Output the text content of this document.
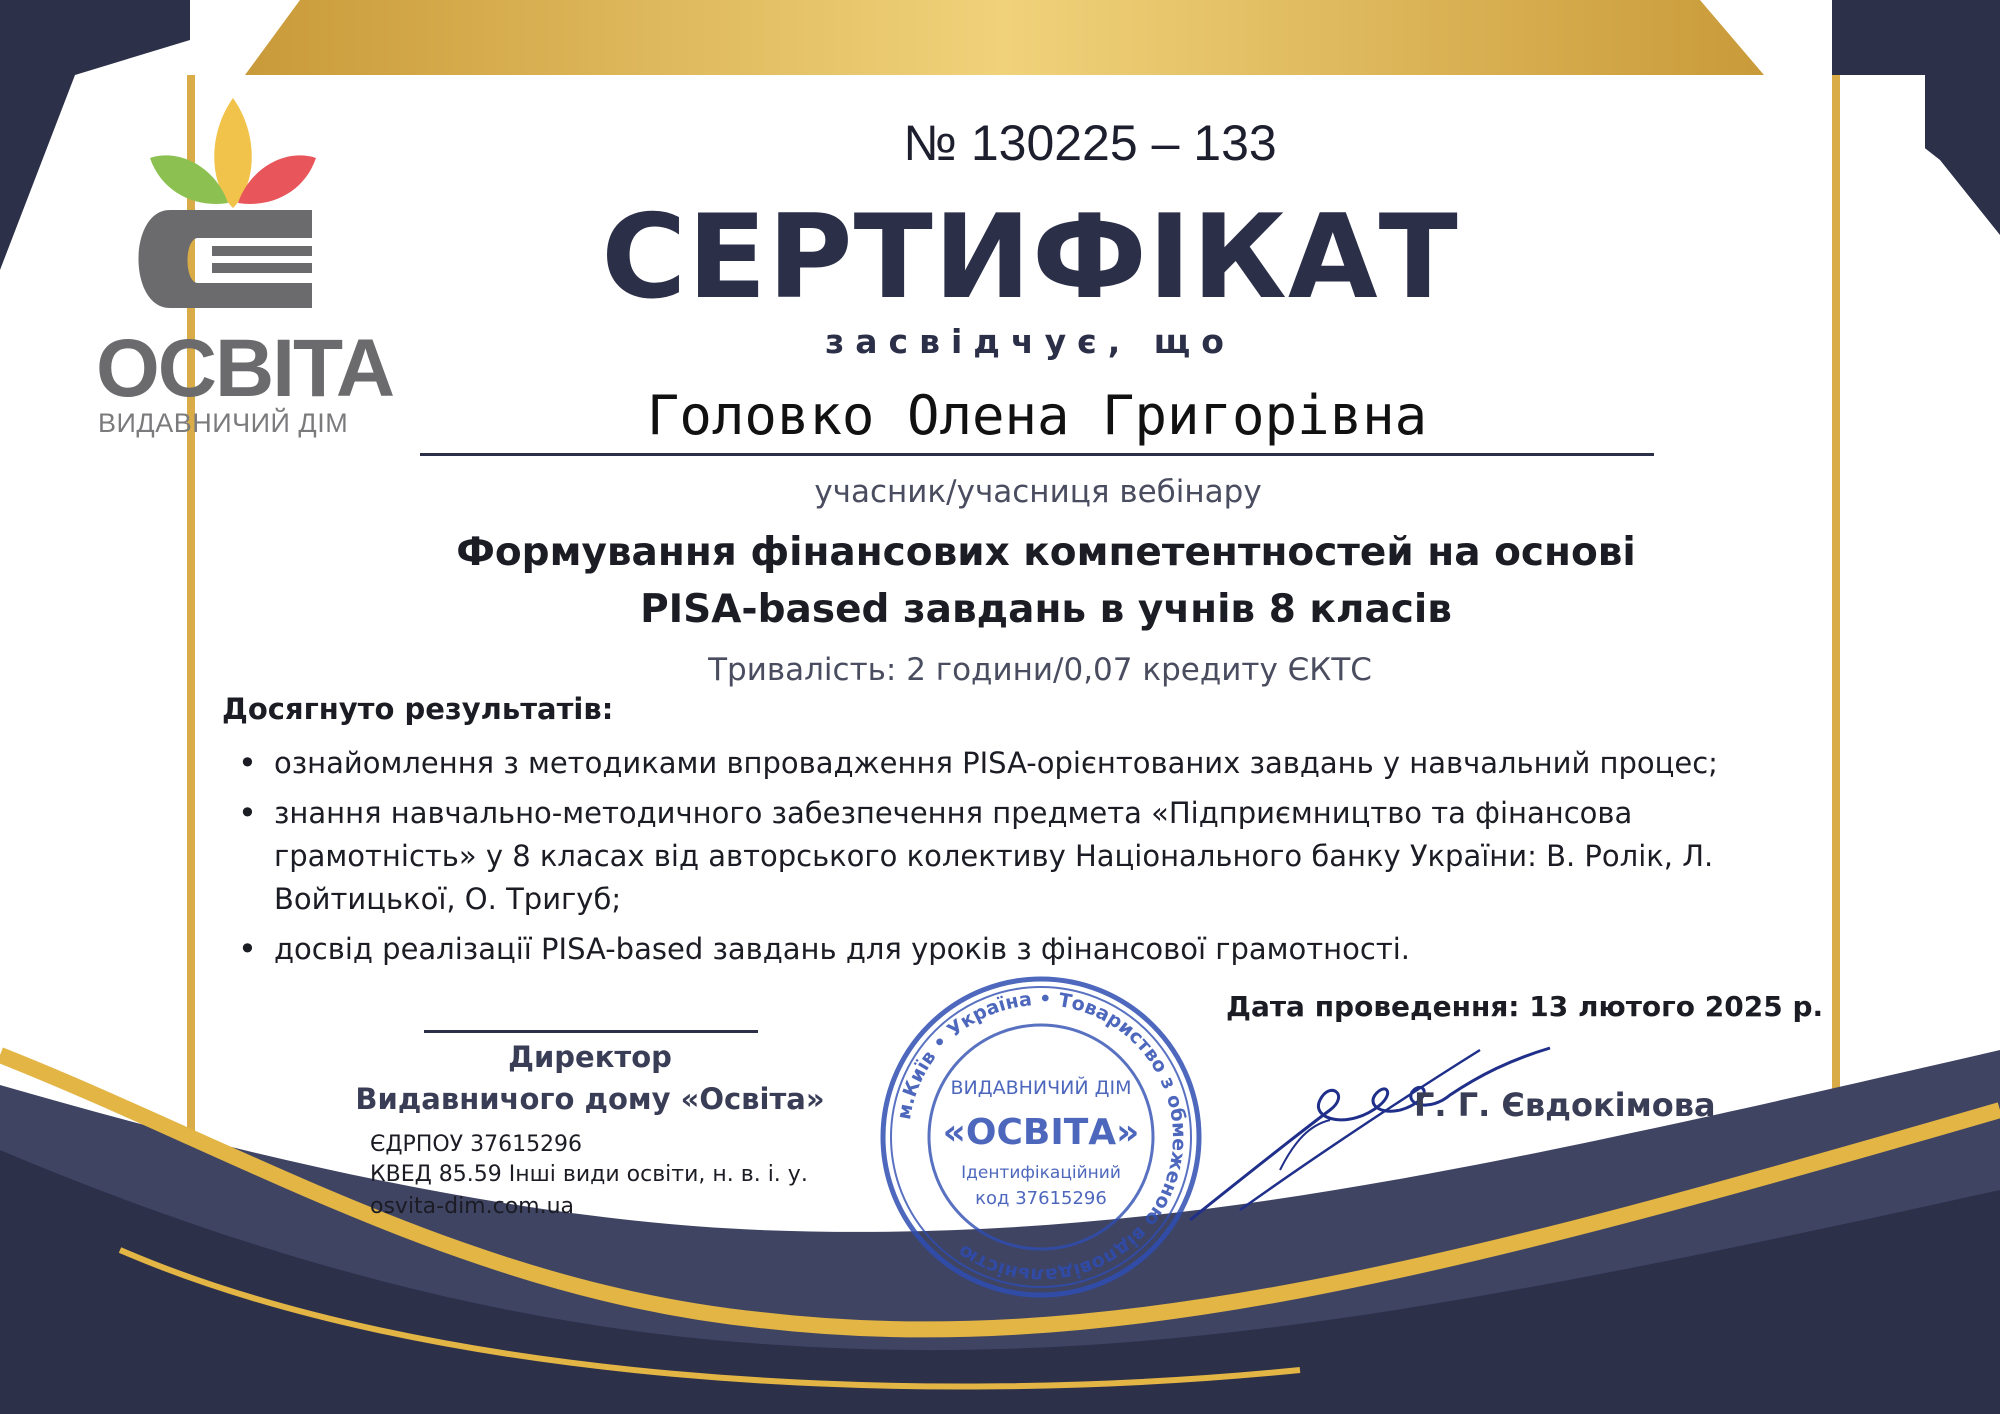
ОСВІТА
ВИДАВНИЧИЙ ДІМ
№ 130225 – 133
СЕРТИФІКАТ
засвідчує, що
Головко Олена Григорівна
учасник/учасниця вебінару
Формування фінансових компетентностей на основі
PISA-based завдань в учнів 8 класів
Тривалість: 2 години/0,07 кредиту ЄКТС
Досягнуто результатів:
• ознайомлення з методиками впровадження PISA-орієнтованих завдань у навчальний процес;
• знання навчально-методичного забезпечення предмета «Підприємництво та фінансова грамотність» у 8 класах від авторського колективу Національного банку України: В. Ролік, Л. Войтицької, О. Тригуб;
• досвід реалізації PISA-based завдань для уроків з фінансової грамотності.
Дата проведення: 13 лютого 2025 р.
Директор
Видавничого дому «Освіта»
ЄДРПОУ 37615296
КВЕД 85.59 Інші види освіти, н. в. і. у.
osvita-dim.com.ua
м.Київ • Україна • Товариство з обмеженою відповідальністю
ВИДАВНИЧИЙ ДІМ
«ОСВІТА»
Ідентифікаційний
код 37615296
Г. Г. Євдокімова
